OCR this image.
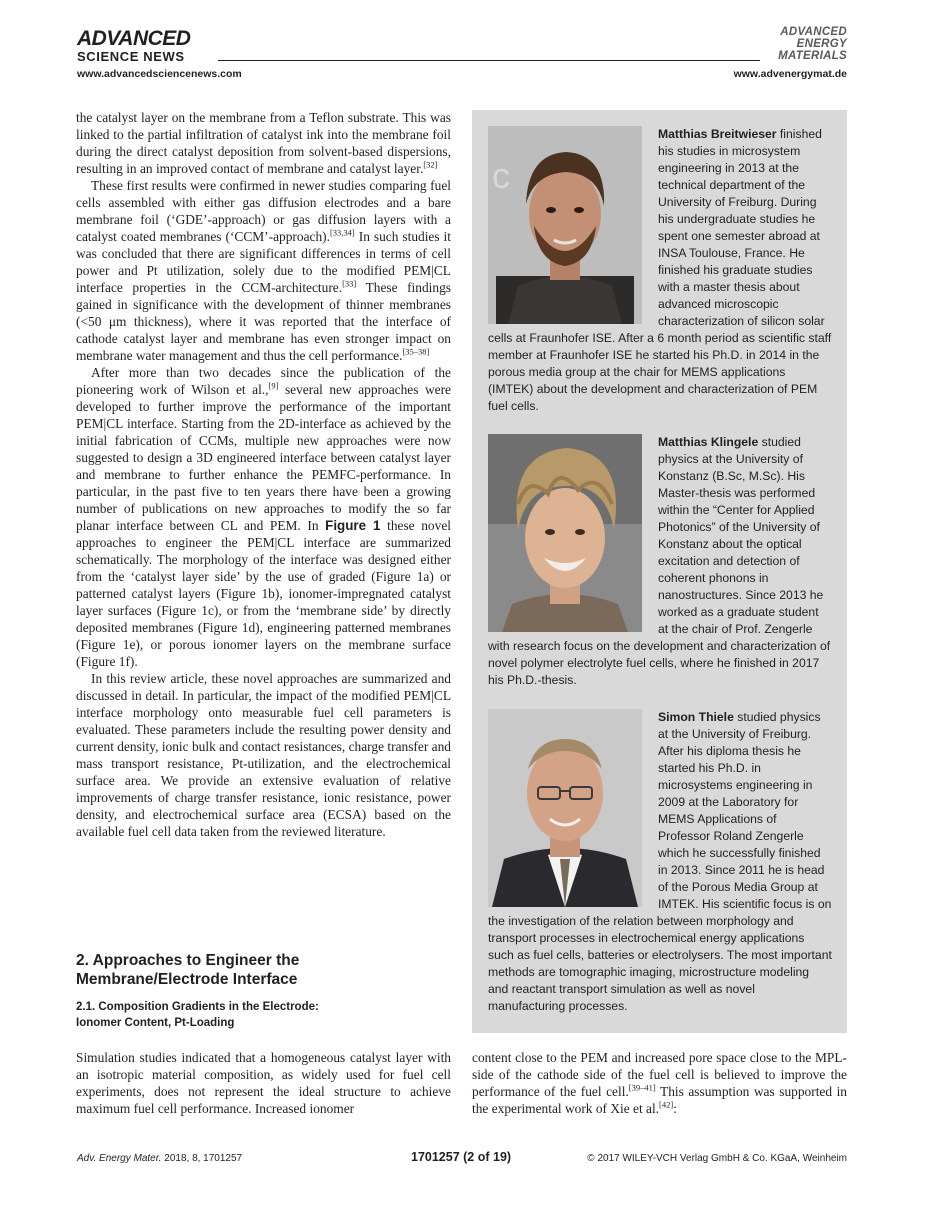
ADVANCED
SCIENCE NEWS
ADVANCED
ENERGY
MATERIALS
www.advancedsciencenews.com	www.advenergymat.de

the catalyst layer on the membrane from a Teflon substrate. This was linked to the partial infiltration of catalyst ink into the membrane foil during the direct catalyst deposition from solvent-based dispersions, resulting in an improved contact of membrane and catalyst layer.[32]

These first results were confirmed in newer studies comparing fuel cells assembled with either gas diffusion electrodes and a bare membrane foil (‘GDE’-approach) or gas diffusion layers with a catalyst coated membranes (‘CCM’-approach).[33,34] In such studies it was concluded that there are significant differences in terms of cell power and Pt utilization, solely due to the modified PEM|CL interface properties in the CCM-architecture.[33] These findings gained in significance with the development of thinner membranes (<50 μm thickness), where it was reported that the interface of cathode catalyst layer and membrane has even stronger impact on membrane water management and thus the cell performance.[35–38]

After more than two decades since the publication of the pioneering work of Wilson et al.,[9] several new approaches were developed to further improve the performance of the important PEM|CL interface. Starting from the 2D-interface as achieved by the initial fabrication of CCMs, multiple new approaches were now suggested to design a 3D engineered interface between catalyst layer and membrane to further enhance the PEMFC-performance. In particular, in the past five to ten years there have been a growing number of publications on new approaches to modify the so far planar interface between CL and PEM. In Figure 1 these novel approaches to engineer the PEM|CL interface are summarized schematically. The morphology of the interface was designed either from the ‘catalyst layer side’ by the use of graded (Figure 1a) or patterned catalyst layers (Figure 1b), ionomer-impregnated catalyst layer surfaces (Figure 1c), or from the ‘membrane side’ by directly deposited membranes (Figure 1d), engineering patterned membranes (Figure 1e), or porous ionomer layers on the membrane surface (Figure 1f).

In this review article, these novel approaches are summarized and discussed in detail. In particular, the impact of the modified PEM|CL interface morphology onto measurable fuel cell parameters is evaluated. These parameters include the resulting power density and current density, ionic bulk and contact resistances, charge transfer and mass transport resistance, Pt-utilization, and the electrochemical surface area. We provide an extensive evaluation of relative improvements of charge transfer resistance, ionic resistance, power density, and electrochemical surface area (ECSA) based on the available fuel cell data taken from the reviewed literature.

2. Approaches to Engineer the
Membrane/Electrode Interface
2.1. Composition Gradients in the Electrode:
Ionomer Content, Pt-Loading
Simulation studies indicated that a homogeneous catalyst layer with an isotropic material composition, as widely used for fuel cell experiments, does not represent the ideal structure to achieve maximum fuel cell performance. Increased ionomer
content close to the PEM and increased pore space close to the MPL-side of the cathode side of the fuel cell is believed to improve the performance of the fuel cell.[39–41] This assumption was supported in the experimental work of Xie et al.[42]:
c
Matthias Breitwieser finished his studies in microsystem engineering in 2013 at the technical department of the University of Freiburg. During his undergraduate studies he spent one semester abroad at INSA Toulouse, France. He finished his graduate studies with a master thesis about advanced microscopic characterization of silicon solar cells at Fraunhofer ISE. After a 6 month period as scientific staff member at Fraunhofer ISE he started his Ph.D. in 2014 in the porous media group at the chair for MEMS applications (IMTEK) about the development and characterization of PEM fuel cells.
Matthias Klingele studied physics at the University of Konstanz (B.Sc, M.Sc). His Master-thesis was performed within the “Center for Applied Photonics” of the University of Konstanz about the optical excitation and detection of coherent phonons in nanostructures. Since 2013 he worked as a graduate student at the chair of Prof. Zengerle with research focus on the development and characterization of novel polymer electrolyte fuel cells, where he finished in 2017 his Ph.D.-thesis.
Simon Thiele studied physics at the University of Freiburg. After his diploma thesis he started his Ph.D. in microsystems engineering in 2009 at the Laboratory for MEMS Applications of Professor Roland Zengerle which he successfully finished in 2013. Since 2011 he is head of the Porous Media Group at IMTEK. His scientific focus is on the investigation of the relation between morphology and transport processes in electrochemical energy applications such as fuel cells, batteries or electrolysers. The most important methods are tomographic imaging, microstructure modeling and reactant transport simulation as well as novel manufacturing processes.
Adv. Energy Mater. 2018, 8, 1701257	1701257 (2 of 19)	© 2017 WILEY-VCH Verlag GmbH & Co. KGaA, Weinheim
